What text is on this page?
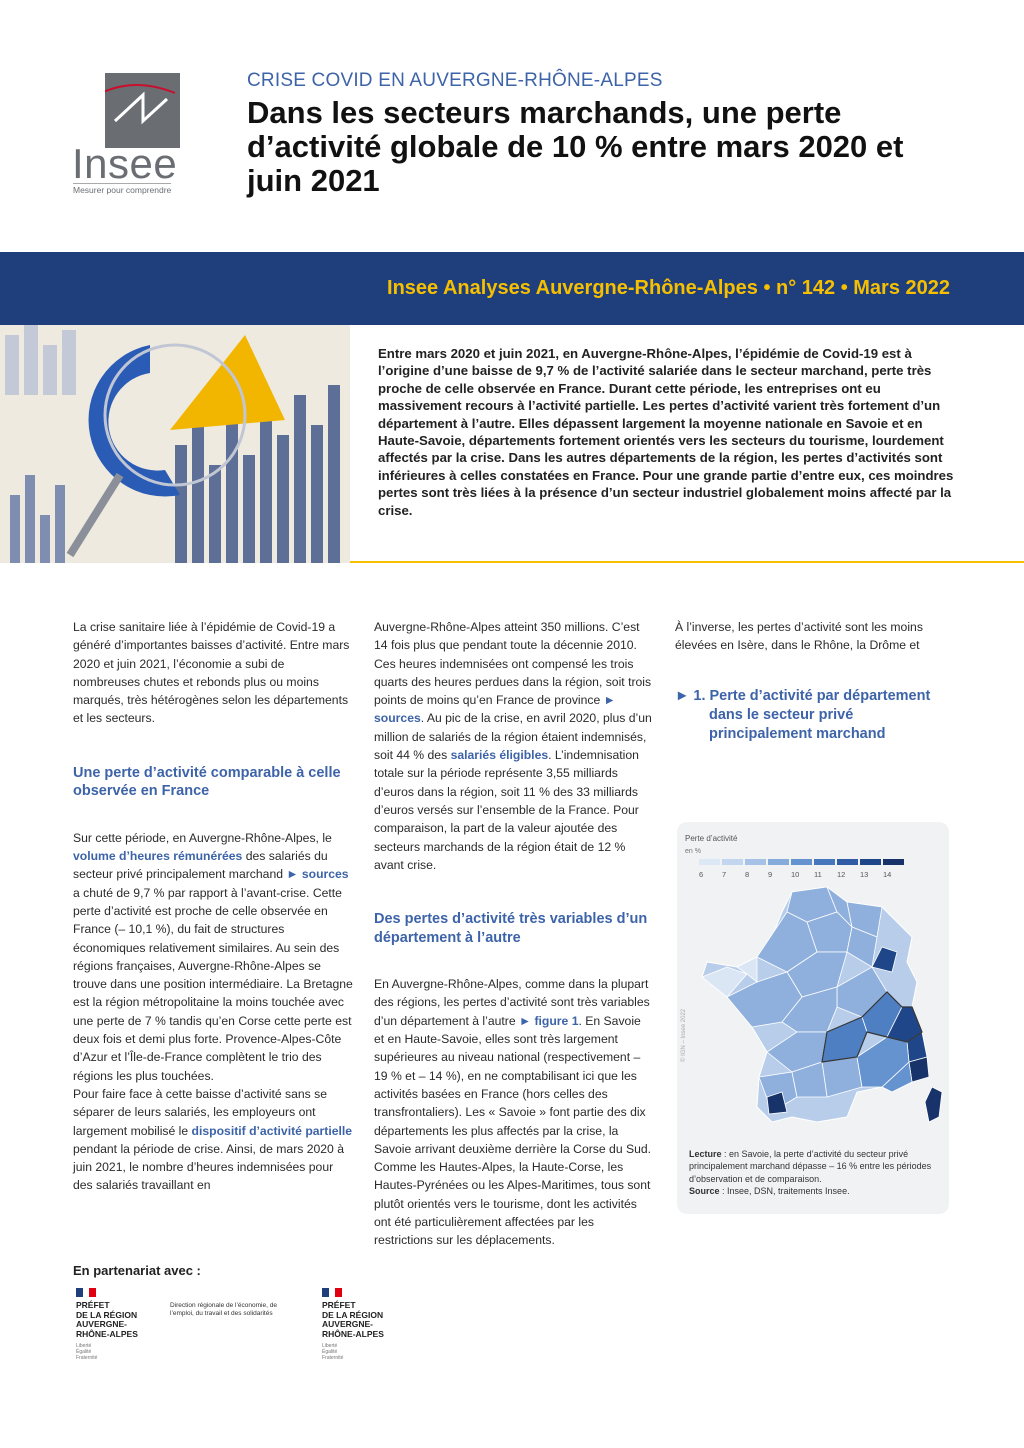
Insee
Mesurer pour comprendre
CRISE COVID EN AUVERGNE-RHÔNE-ALPES
Dans les secteurs marchands, une perte d’activité globale de 10 % entre mars 2020 et juin 2021
Insee Analyses Auvergne-Rhône-Alpes • n° 142 • Mars 2022

Entre mars 2020 et juin 2021, en Auvergne-Rhône-Alpes, l’épidémie de Covid-19 est à l’origine d’une baisse de 9,7 % de l’activité salariée dans le secteur marchand, perte très proche de celle observée en France. Durant cette période, les entreprises ont eu massivement recours à l’activité partielle. Les pertes d’activité varient très fortement d’un département à l’autre. Elles dépassent largement la moyenne nationale en Savoie et en Haute-Savoie, départements fortement orientés vers les secteurs du tourisme, lourdement affectés par la crise. Dans les autres départements de la région, les pertes d’activités sont inférieures à celles constatées en France. Pour une grande partie d’entre eux, ces moindres pertes sont très liées à la présence d’un secteur industriel globalement moins affecté par la crise.

La crise sanitaire liée à l’épidémie de Covid-19 a généré d’importantes baisses d’activité. Entre mars 2020 et juin 2021, l’économie a subi de nombreuses chutes et rebonds plus ou moins marqués, très hétérogènes selon les départements et les secteurs.

Une perte d’activité comparable à celle observée en France

Sur cette période, en Auvergne-Rhône-Alpes, le volume d’heures rémunérées des salariés du secteur privé principalement marchand ► sources a chuté de 9,7 % par rapport à l’avant-crise. Cette perte d’activité est proche de celle observée en France (– 10,1 %), du fait de structures économiques relativement similaires. Au sein des régions françaises, Auvergne-Rhône-Alpes se trouve dans une position intermédiaire. La Bretagne est la région métropolitaine la moins touchée avec une perte de 7 % tandis qu’en Corse cette perte est deux fois et demi plus forte. Provence-Alpes-Côte d’Azur et l’Île-de-France complètent le trio des régions les plus touchées.

Pour faire face à cette baisse d’activité sans se séparer de leurs salariés, les employeurs ont largement mobilisé le dispositif d’activité partielle pendant la période de crise. Ainsi, de mars 2020 à juin 2021, le nombre d’heures indemnisées pour des salariés travaillant en

Auvergne-Rhône-Alpes atteint 350 millions. C’est 14 fois plus que pendant toute la décennie 2010. Ces heures indemnisées ont compensé les trois quarts des heures perdues dans la région, soit trois points de moins qu’en France de province ► sources. Au pic de la crise, en avril 2020, plus d’un million de salariés de la région étaient indemnisés, soit 44 % des salariés éligibles. L’indemnisation totale sur la période représente 3,55 milliards d’euros dans la région, soit 11 % des 33 milliards d’euros versés sur l’ensemble de la France. Pour comparaison, la part de la valeur ajoutée des secteurs marchands de la région était de 12 % avant crise.

Des pertes d’activité très variables d’un département à l’autre

En Auvergne-Rhône-Alpes, comme dans la plupart des régions, les pertes d’activité sont très variables d’un département à l’autre ► figure 1. En Savoie et en Haute-Savoie, elles sont très largement supérieures au niveau national (respectivement – 19 % et – 14 %), en ne comptabilisant ici que les activités basées en France (hors celles des transfrontaliers). Les « Savoie » font partie des dix départements les plus affectés par la crise, la Savoie arrivant deuxième derrière la Corse du Sud. Comme les Hautes-Alpes, la Haute-Corse, les Hautes-Pyrénées ou les Alpes-Maritimes, tous sont plutôt orientés vers le tourisme, dont les activités ont été particulièrement affectées par les restrictions sur les déplacements.

À l’inverse, les pertes d’activité sont les moins élevées en Isère, dans le Rhône, la Drôme et

► 1. Perte d’activité par département dans le secteur privé principalement marchand
Perte d’activité
en %
6	7	8	9	10	11	12	13	14
© IGN – Insee 2022
Lecture : en Savoie, la perte d’activité du secteur privé principalement marchand dépasse – 16 % entre les périodes d’observation et de comparaison.
Source : Insee, DSN, traitements Insee.
En partenariat avec :
PRÉFET
DE LA RÉGION
AUVERGNE-
RHÔNE-ALPES
Liberté
Égalité
Fraternité
Direction régionale de l’économie, de l’emploi, du travail et des solidarités
PRÉFET
DE LA RÉGION
AUVERGNE-
RHÔNE-ALPES
Liberté
Égalité
Fraternité
